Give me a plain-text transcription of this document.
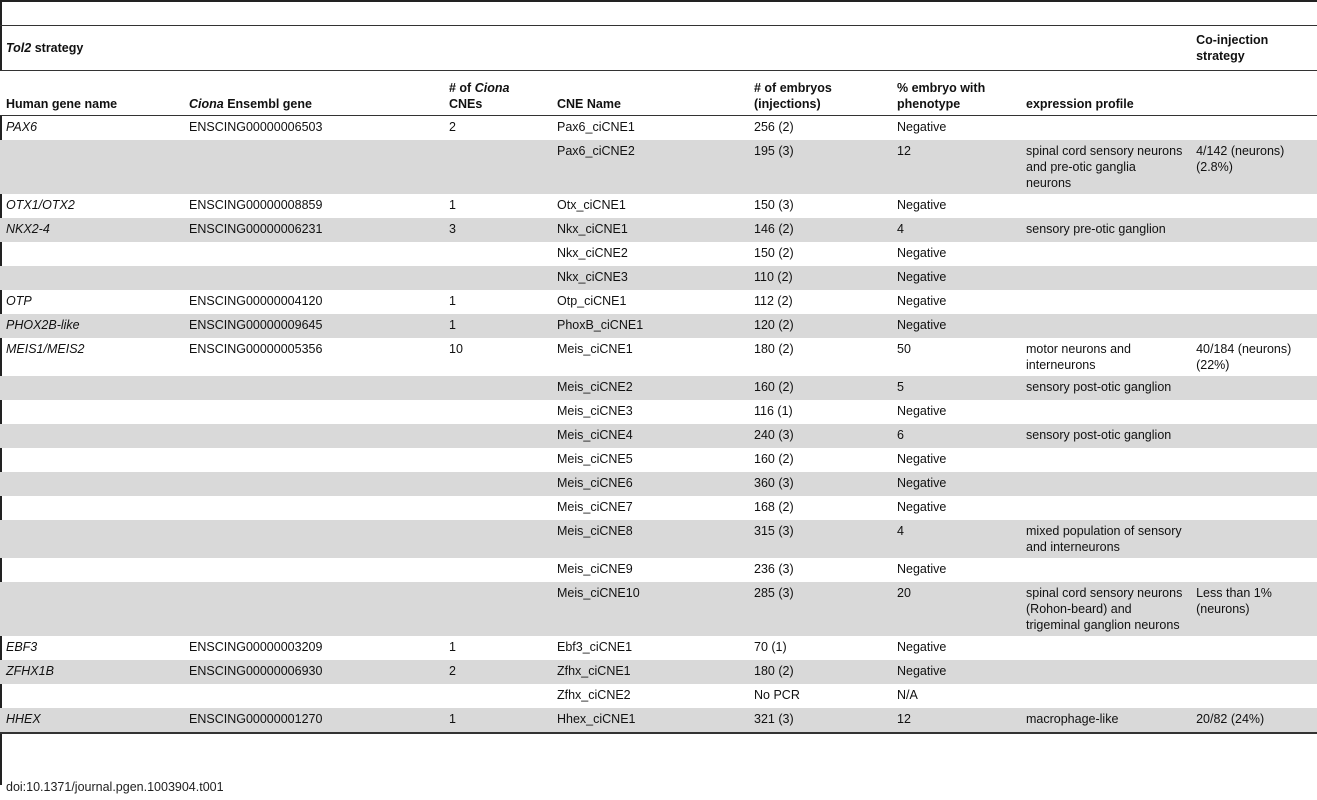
Tol2 strategy							Co-injection strategy
Human gene name	Ciona Ensembl gene	# of Ciona CNEs	CNE Name	# of embryos (injections)	% embryo with phenotype	expression profile	
PAX6	ENSCING00000006503	2	Pax6_ciCNE1	256 (2)	Negative		
			Pax6_ciCNE2	195 (3)	12	spinal cord sensory neurons and pre-otic ganglia neurons	4/142 (neurons) (2.8%)
OTX1/OTX2	ENSCING00000008859	1	Otx_ciCNE1	150 (3)	Negative		
NKX2-4	ENSCING00000006231	3	Nkx_ciCNE1	146 (2)	4	sensory pre-otic ganglion	
			Nkx_ciCNE2	150 (2)	Negative		
			Nkx_ciCNE3	110 (2)	Negative		
OTP	ENSCING00000004120	1	Otp_ciCNE1	112 (2)	Negative		
PHOX2B-like	ENSCING00000009645	1	PhoxB_ciCNE1	120 (2)	Negative		
MEIS1/MEIS2	ENSCING00000005356	10	Meis_ciCNE1	180 (2)	50	motor neurons and interneurons	40/184 (neurons) (22%)
			Meis_ciCNE2	160 (2)	5	sensory post-otic ganglion	
			Meis_ciCNE3	116 (1)	Negative		
			Meis_ciCNE4	240 (3)	6	sensory post-otic ganglion	
			Meis_ciCNE5	160 (2)	Negative		
			Meis_ciCNE6	360 (3)	Negative		
			Meis_ciCNE7	168 (2)	Negative		
			Meis_ciCNE8	315 (3)	4	mixed population of sensory and interneurons	
			Meis_ciCNE9	236 (3)	Negative		
			Meis_ciCNE10	285 (3)	20	spinal cord sensory neurons (Rohon-beard) and trigeminal ganglion neurons	Less than 1% (neurons)
EBF3	ENSCING00000003209	1	Ebf3_ciCNE1	70 (1)	Negative		
ZFHX1B	ENSCING00000006930	2	Zfhx_ciCNE1	180 (2)	Negative		
			Zfhx_ciCNE2	No PCR	N/A		
HHEX	ENSCING00000001270	1	Hhex_ciCNE1	321 (3)	12	macrophage-like	20/82 (24%)
doi:10.1371/journal.pgen.1003904.t001
